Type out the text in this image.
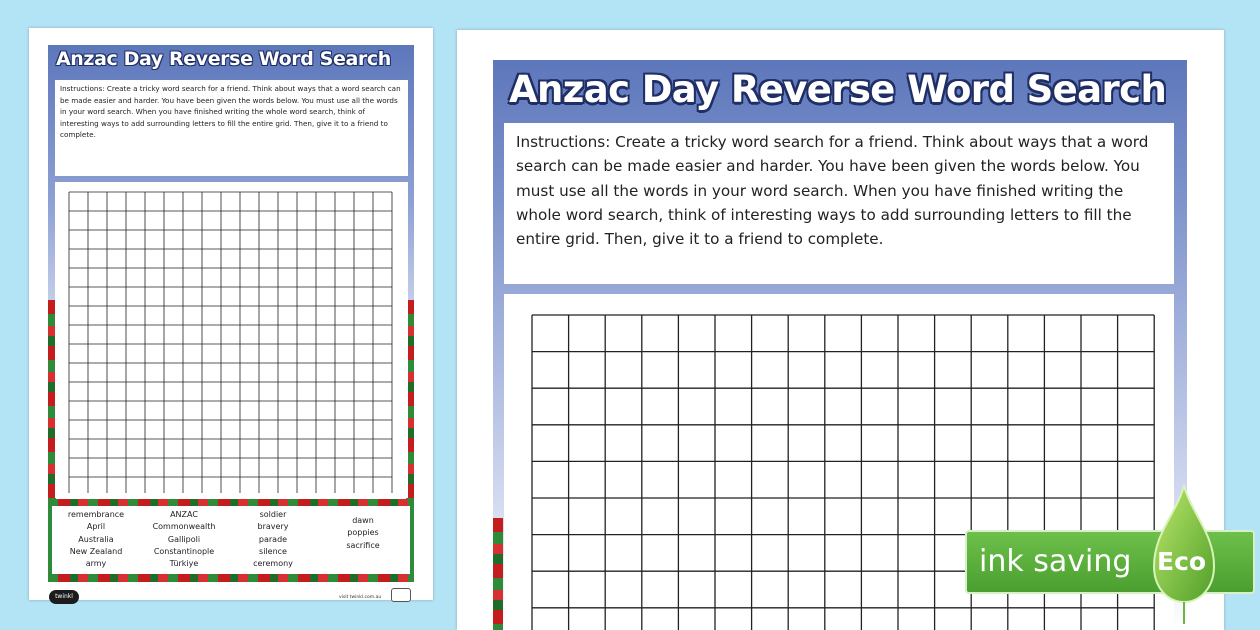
Anzac Day Reverse Word Search
Instructions: Create a tricky word search for a friend. Think about ways that a word search can be made easier and harder. You have been given the words below. You must use all the words in your word search. When you have finished writing the whole word search, think of interesting ways to add surrounding letters to fill the entire grid. Then, give it to a friend to complete.
remembrance
April
Australia
New Zealand
army
ANZAC
Commonwealth
Gallipoli
Constantinople
Türkiye
soldier
bravery
parade
silence
ceremony
dawn
poppies
sacrifice
twinkl	visit twinkl.com.au
Anzac Day Reverse Word Search
Instructions: Create a tricky word search for a friend. Think about ways that a word search can be made easier and harder. You have been given the words below. You must use all the words in your word search. When you have finished writing the whole word search, think of interesting ways to add surrounding letters to fill the entire grid. Then, give it to a friend to complete.
ink saving Eco
